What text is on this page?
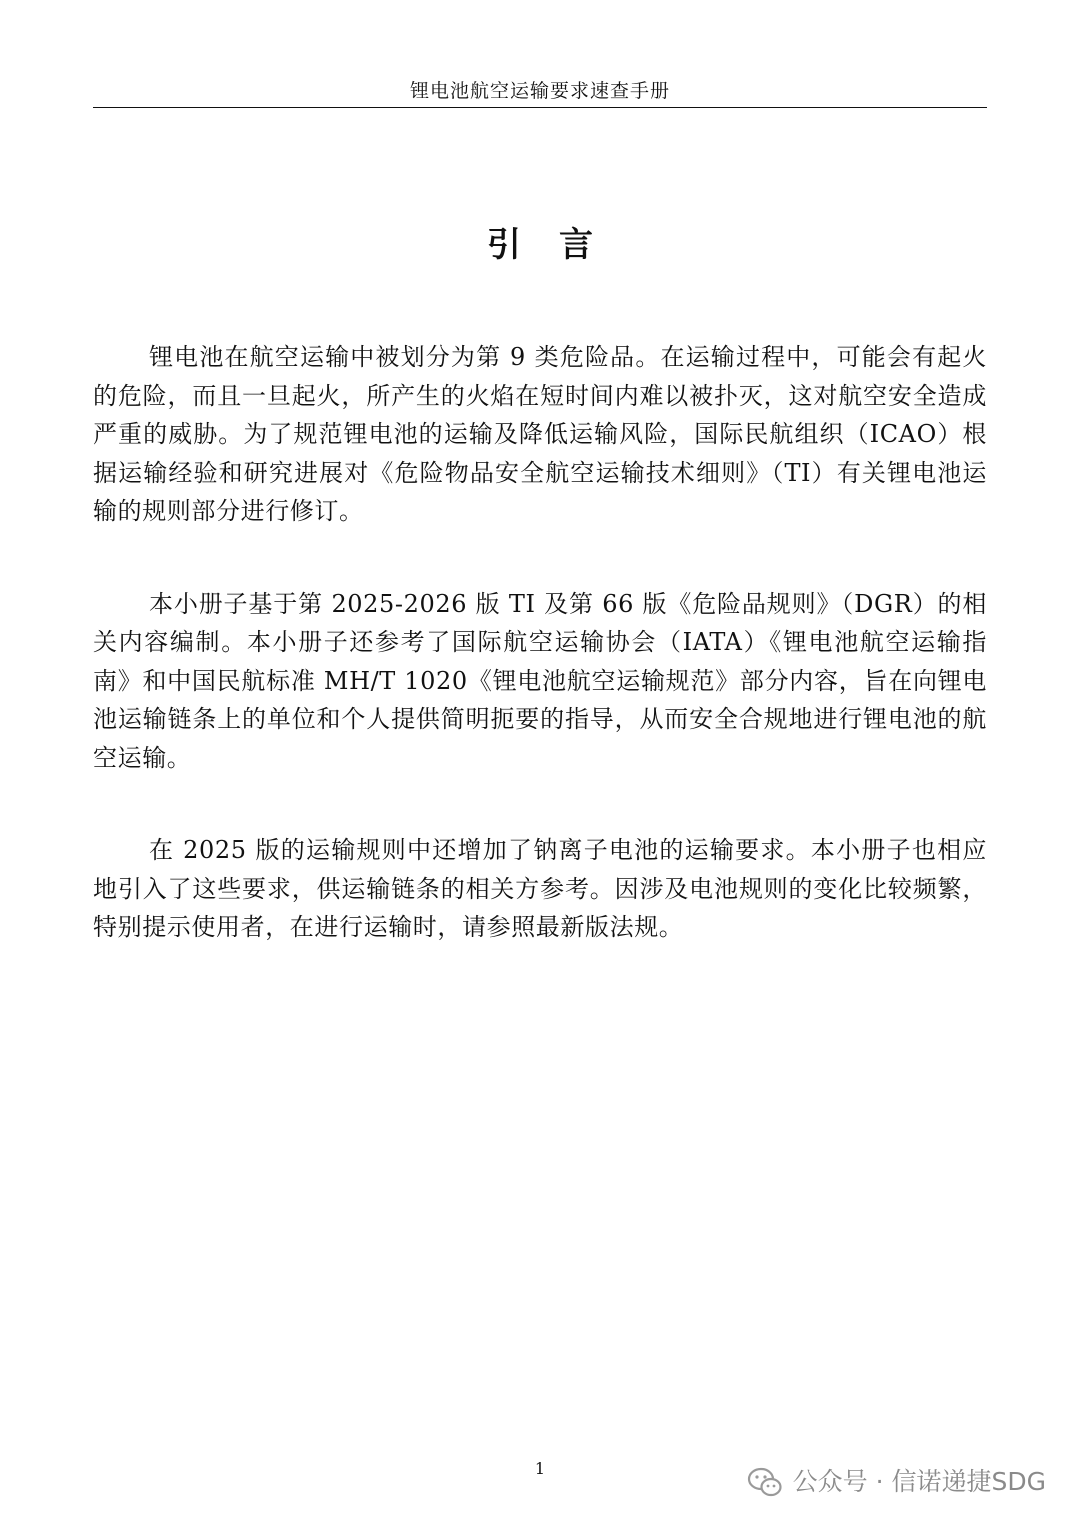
锂电池航空运输要求速查手册
引言

锂电池在航空运输中被划分为第 9 类危险品。在运输过程中，可能会有起火的危险，而且一旦起火，所产生的火焰在短时间内难以被扑灭，这对航空安全造成严重的威胁。为了规范锂电池的运输及降低运输风险，国际民航组织（ICAO）根据运输经验和研究进展对《危险物品安全航空运输技术细则》（TI）有关锂电池运输的规则部分进行修订。

本小册子基于第 2025-2026 版 TI 及第 66 版《危险品规则》（DGR）的相关内容编制。本小册子还参考了国际航空运输协会（IATA）《锂电池航空运输指南》和中国民航标准 MH/T 1020《锂电池航空运输规范》部分内容，旨在向锂电池运输链条上的单位和个人提供简明扼要的指导，从而安全合规地进行锂电池的航空运输。

在 2025 版的运输规则中还增加了钠离子电池的运输要求。本小册子也相应地引入了这些要求，供运输链条的相关方参考。因涉及电池规则的变化比较频繁，特别提示使用者，在进行运输时，请参照最新版法规。

1	公众号 · 信诺递捷SDG
